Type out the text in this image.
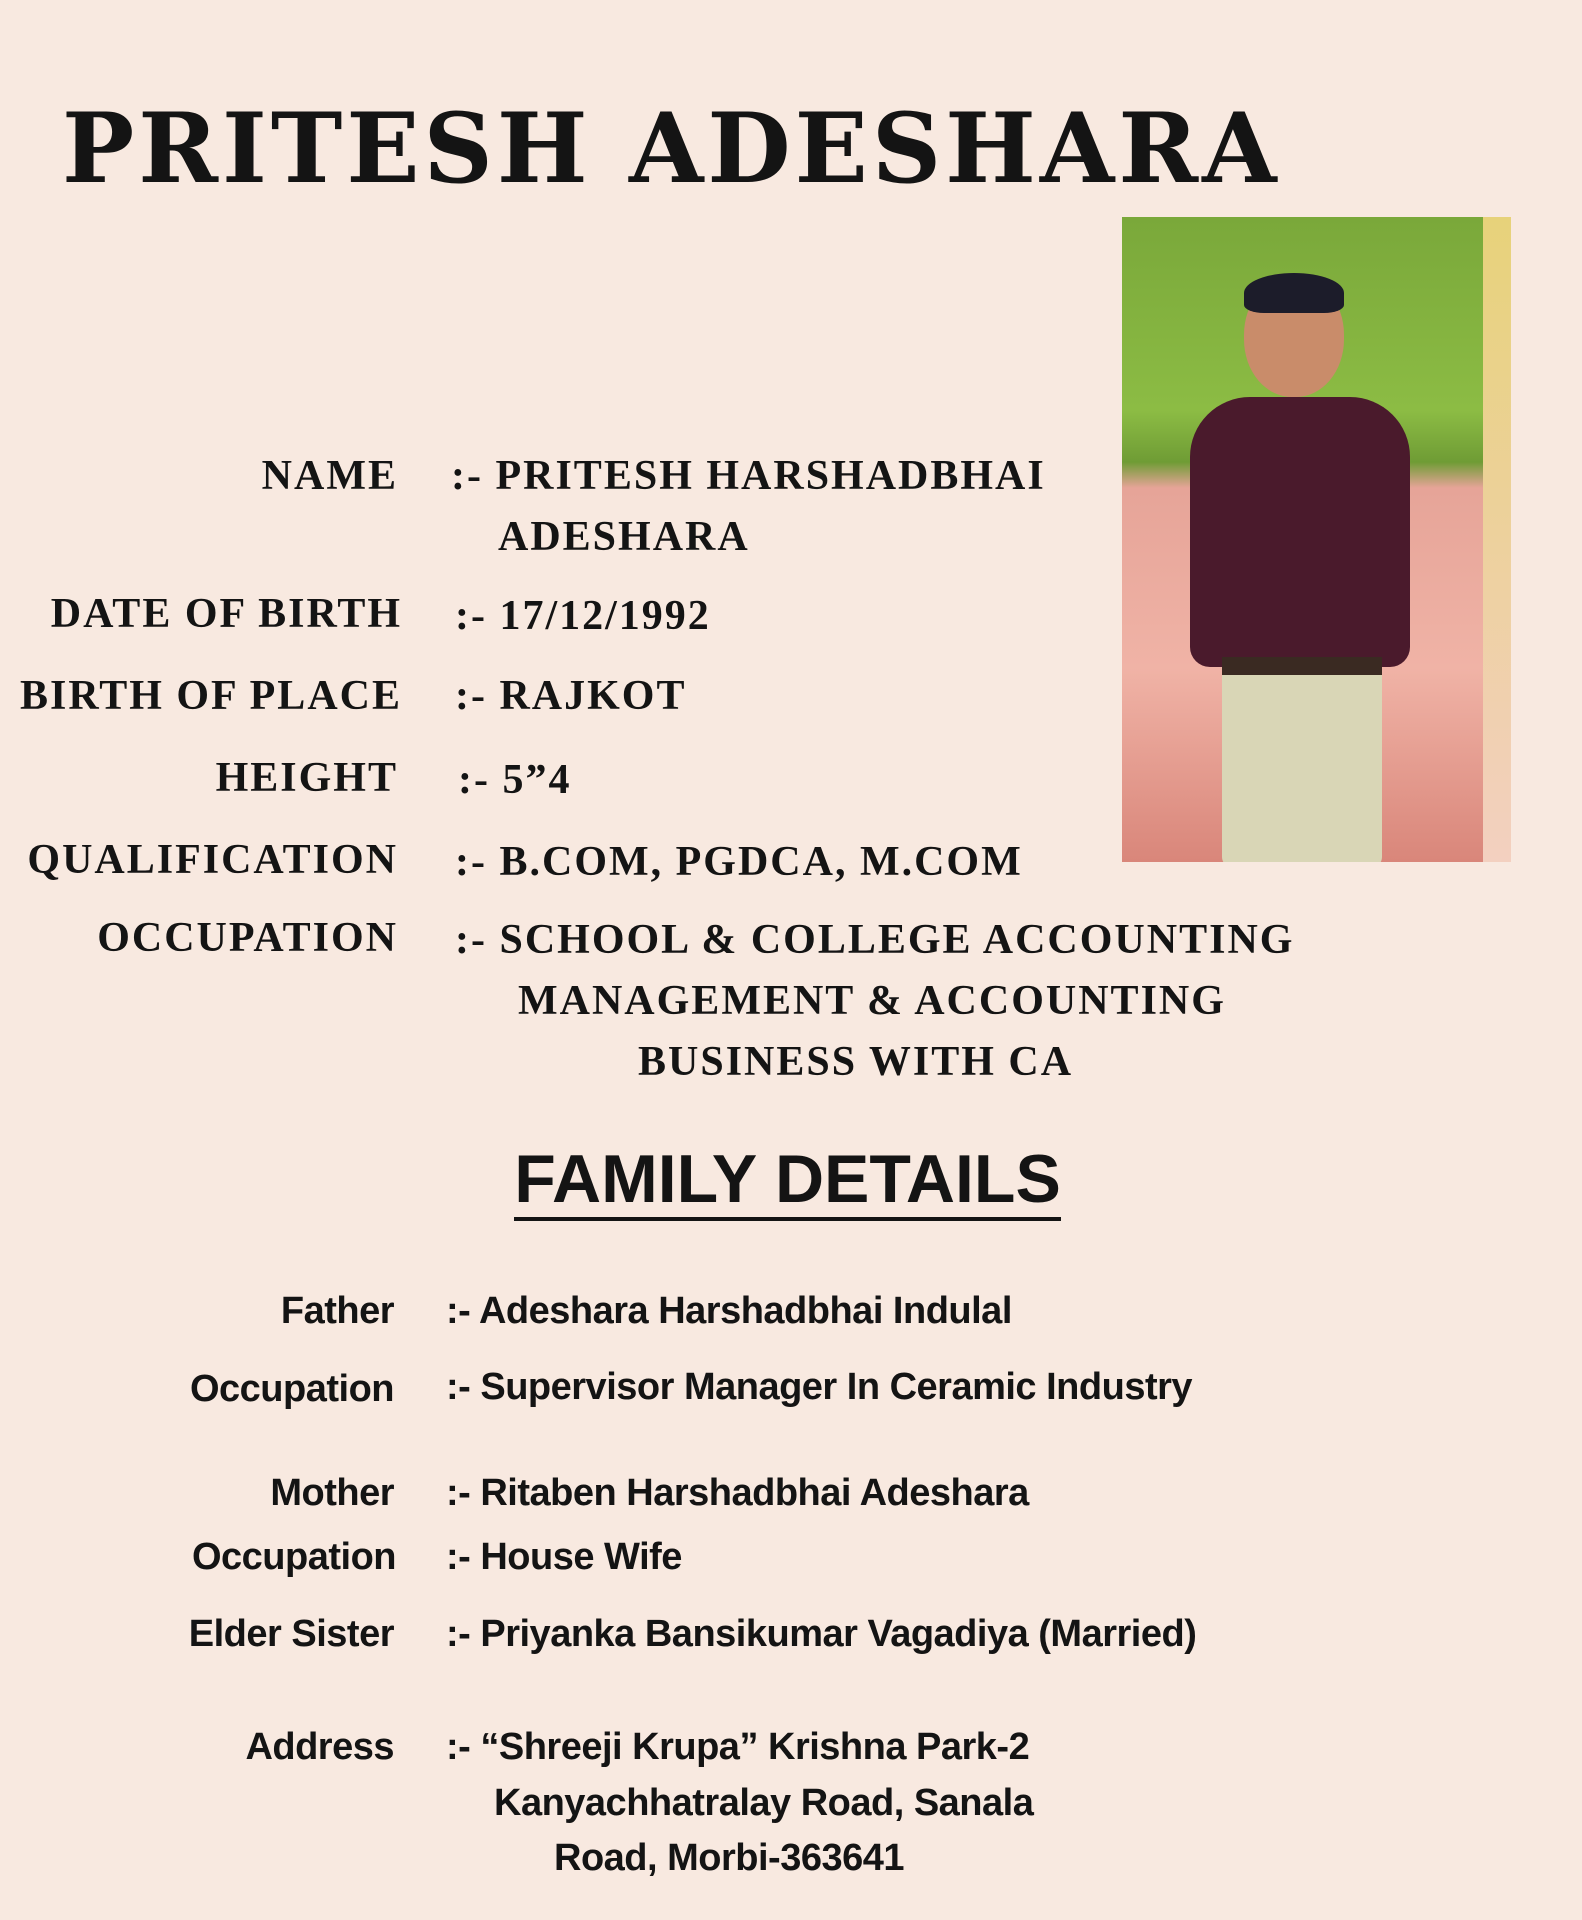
PRITESH ADESHARA
NAME :- PRITESH HARSHADBHAI
ADESHARA
DATE OF BIRTH :- 17/12/1992
BIRTH OF PLACE :- RAJKOT
HEIGHT :- 5”4
QUALIFICATION :- B.COM, PGDCA, M.COM
OCCUPATION :- SCHOOL & COLLEGE ACCOUNTING
MANAGEMENT & ACCOUNTING
BUSINESS WITH CA
FAMILY DETAILS
Father :- Adeshara Harshadbhai Indulal
Occupation :- Supervisor Manager In Ceramic Industry
Mother :- Ritaben Harshadbhai Adeshara
Occupation :- House Wife
Elder Sister :- Priyanka Bansikumar Vagadiya (Married)
Address :- “Shreeji Krupa” Krishna Park-2
Kanyachhatralay Road, Sanala
Road, Morbi-363641
